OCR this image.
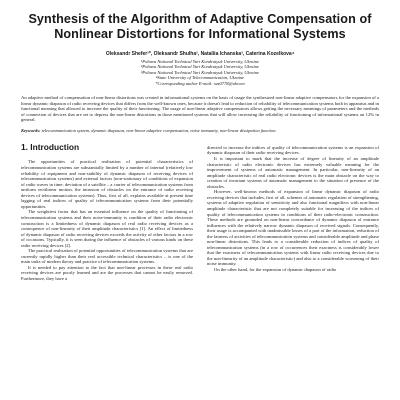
Synthesis of the Algorithm of Adaptive Compensation of
Nonlinear Distortions for Informational Systems
Oleksandr Shefer¹*, Oleksandr Shulha², Nataliia Ichanska³, Caterina Kozelkova⁴
¹Poltava National Technical Yuri Kondratyuk University, Ukraine
²Poltava National Technical Yuri Kondratyuk University, Ukraine
³Poltava National Technical Yuri Kondratyuk University, Ukraine
⁴State University of Telecommunication, Ukraine
*Corresponding author E-mail: ozz0778@ukr.net
An adaptive method of compensation of non-linear distortions was created in informational systems on the basis of usage the synthesized non-linear adaptive compensators for the expansion of a linear dynamic diapason of radio receiving devices that differs from the well-known ones, because it doesn't lead to reduction of reliability of telecommunication systems both in apparatus and in functional meaning that allowed to increase the quality of their functioning. The usage of non-linear adaptive compensators allows getting the necessary meanings of parameters and the methods of connection of devices that are set to depress the non-linear distortions in those mentioned systems that will allow increasing the reliability of functioning of informational systems on 12% in general.
Keywords: telecommunication system, dynamic diapason, non-linear adaptive compensation, noise immunity, non-linear dissipation function.
1. Introduction

The opportunities of practical realisation of potential characteristics of telecommunication systems are substantially limited by a number of internal (relatively low reliability of equipment and non-stability of dynamic diapason of receiving devices of telecommunication systems) and external factors (non-stationary of conditions of expansion of radio waves in time; deviation of a satellite – a carrier of telecommunication systems from uniform rectilinear motion, the intrusion of obstacles on the entrance of radio receiving devices of telecommunication systems). Thus, first of all, explains available at present time lagging of real indices of quality of telecommunication systems from their potentially opportunities.

The weightiest factor that has an essential influence on the quality of functioning of telecommunication systems and their noise-immunity is condition of their radio electronic construction is a limitedness of dynamic diapason of real radio receiving devices as a consequence of non-linearity of their amplitude characteristics [1]. An effect of limitedness of dynamic diapason of radio receiving devices exceeds the activity of other factors in a row of occasions. Typically, it is seen during the influence of obstacles of various kinds on these radio receiving devices [2].

The practical realisation of potential opportunities of telecommunication systems that are currently rapidly higher than their real accessible technical characteristics – is one of the main tasks of modern theory and practice of telecommunication systems.

It is needed to pay attention to the fact that non-linear processes in these real radio receiving devices are poorly learned and are the processes that cannot be easily removed. Furthermore, they have a

directed to increase the indices of quality of telecommunication systems is an expansion of dynamic diapason of their radio receiving devices.

It is important to mark that the increase of degree of linearity of an amplitude characteristic of radio electronic devices has extremely valuable meaning for the improvement of systems of automatic management. In particular, non-linearity of an amplitude characteristic of real radio electronic devices is the main obstacle on the way to creation of invariant systems of automatic management to the situation of presence of the obstacles.

However, well-known methods of expansion of linear dynamic diapason of radio receiving devices that includes, first of all, schemes of automatic regulation of strengthening, systems of adaptive regulation of sensitivity and also functional magnifiers with non-linear amplitude characteristic that are not completely suitable for increasing of the indices of quality of telecommunication systems in conditions of their radio-electronic construction. These methods are grounded on non-linear concordance of dynamic diapason of entrance influences with the relatively narrow dynamic diapason of received signals. Consequently, their usage is accompanied with inadmissible losses of a part of the information, reduction of the fairness of activities of telecommunication systems and considerable amplitude and phase non-linear distortions. This leads to a considerable reduction of indices of quality of telecommunication systems (in a row of occurrences their exactness is considerably lower that the exactness of telecommunication systems with linear radio receiving devices due to the non-linearity of an amplitude characteristic) and also to a considerable worsening of their noise immunity.

On the other hand, for the expansion of dynamic diapason of radio
